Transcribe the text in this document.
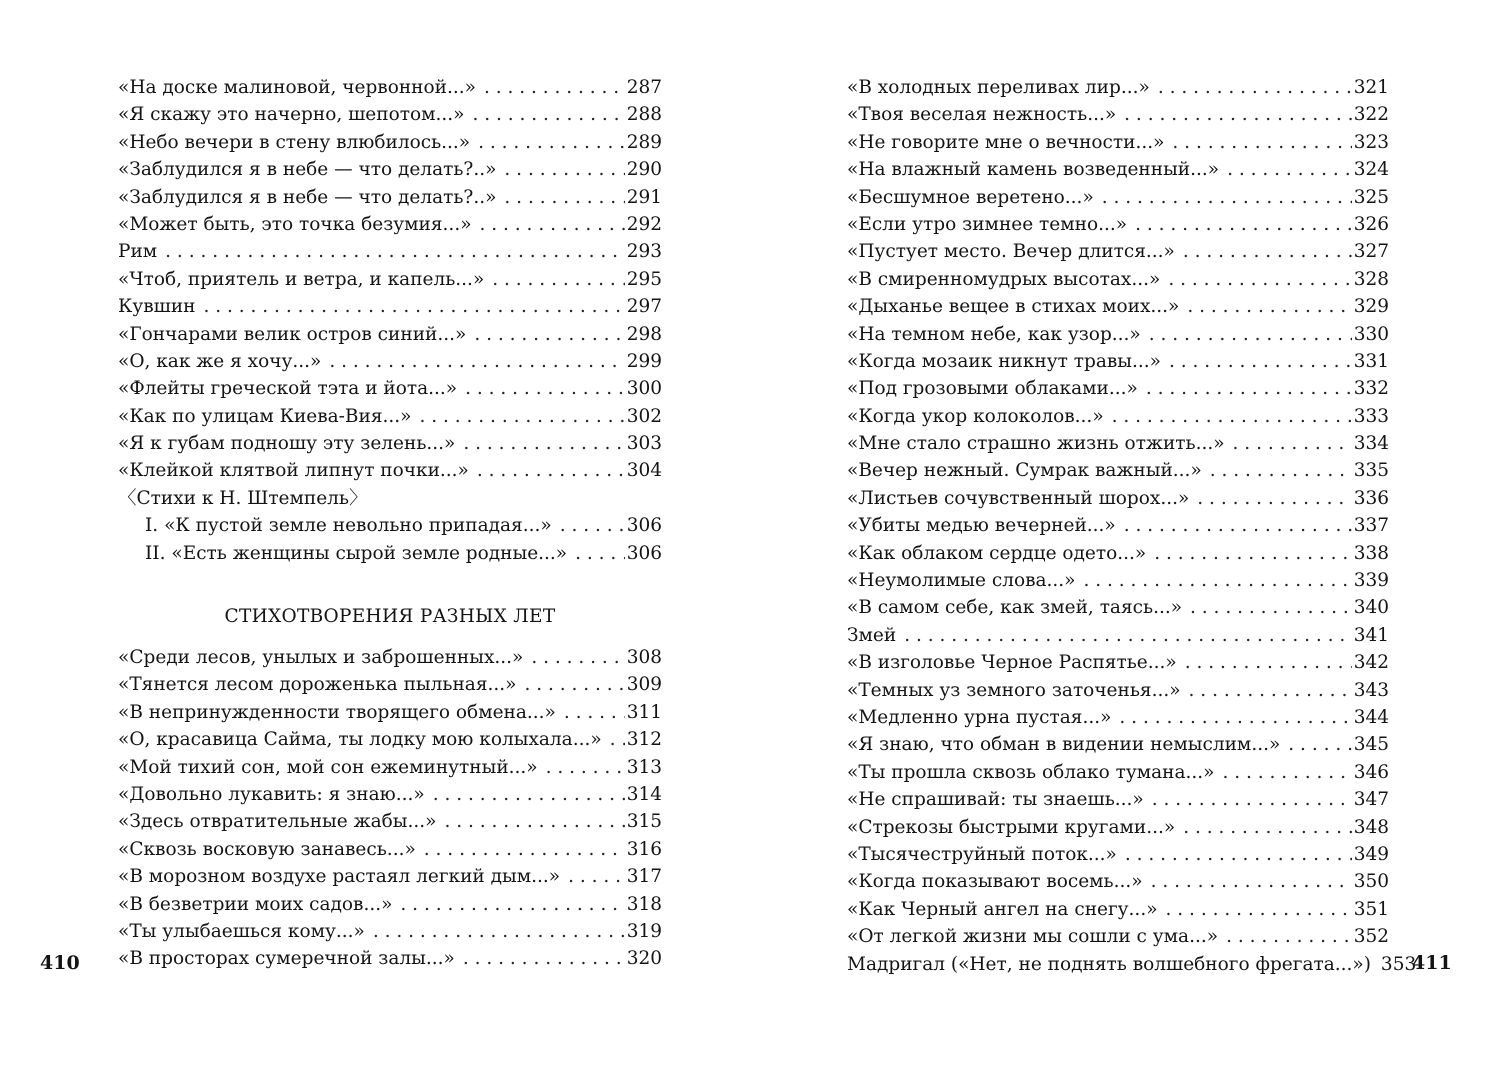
«На доске малиновой, червонной...» . . .	287
«Я скажу это начерно, шепотом...» . . .	288
«Небо вечери в стену влюбилось...» . . .	289
«Заблудился я в небе — что делать?..» . . .	290
«Заблудился я в небе — что делать?..» . . .	291
«Может быть, это точка безумия...» . . .	292
Рим . . .	293
«Чтоб, приятель и ветра, и капель...» . . .	295
Кувшин . . .	297
«Гончарами велик остров синий...» . . .	298
«О, как же я хочу...» . . .	299
«Флейты греческой тэта и йота...» . . .	300
«Как по улицам Киева-Вия...» . . .	302
«Я к губам подношу эту зелень...» . . .	303
«Клейкой клятвой липнут почки...» . . .	304
〈Стихи к Н. Штемпель〉
I. «К пустой земле невольно припадая...» . . .	306
II. «Есть женщины сырой земле родные...» . . .	306
СТИХОТВОРЕНИЯ РАЗНЫХ ЛЕТ
«Среди лесов, унылых и заброшенных...» . . .	308
«Тянется лесом дороженька пыльная...» . . .	309
«В непринужденности творящего обмена...» . . .	311
«О, красавица Сайма, ты лодку мою колыхала...» . . . 312
«Мой тихий сон, мой сон ежеминутный...» . . .	313
«Довольно лукавить: я знаю...» . . .	314
«Здесь отвратительные жабы...» . . .	315
«Сквозь восковую занавесь...» . . .	316
«В морозном воздухе растаял легкий дым...» . . .	317
«В безветрии моих садов...» . . .	318
«Ты улыбаешься кому...» . . .	319
«В просторах сумеречной залы...» . . .	320
410
«В холодных переливах лир...» . . .	321
«Твоя веселая нежность...» . . .	322
«Не говорите мне о вечности...» . . .	323
«На влажный камень возведенный...» . . .	324
«Бесшумное веретено...» . . .	325
«Если утро зимнее темно...» . . .	326
«Пустует место. Вечер длится...» . . .	327
«В смиренномудрых высотах...» . . .	328
«Дыханье вещее в стихах моих...» . . .	329
«На темном небе, как узор...» . . .	330
«Когда мозаик никнут травы...» . . .	331
«Под грозовыми облаками...» . . .	332
«Когда укор колоколов...» . . .	333
«Мне стало страшно жизнь отжить...» . . .	334
«Вечер нежный. Сумрак важный...» . . .	335
«Листьев сочувственный шорох...» . . .	336
«Убиты медью вечерней...» . . .	337
«Как облаком сердце одето...» . . .	338
«Неумолимые слова...» . . .	339
«В самом себе, как змей, таясь...» . . .	340
Змей . . .	341
«В изголовье Черное Распятье...» . . .	342
«Темных уз земного заточенья...» . . .	343
«Медленно урна пустая...» . . .	344
«Я знаю, что обман в видении немыслим...» . . .	345
«Ты прошла сквозь облако тумана...» . . .	346
«Не спрашивай: ты знаешь...» . . .	347
«Стрекозы быстрыми кругами...» . . .	348
«Тысячеструйный поток...» . . .	349
«Когда показывают восемь...» . . .	350
«Как Черный ангел на снегу...» . . .	351
«От легкой жизни мы сошли с ума...» . . .	352
Мадригал («Нет, не поднять волшебного фрегата...») 353
411
